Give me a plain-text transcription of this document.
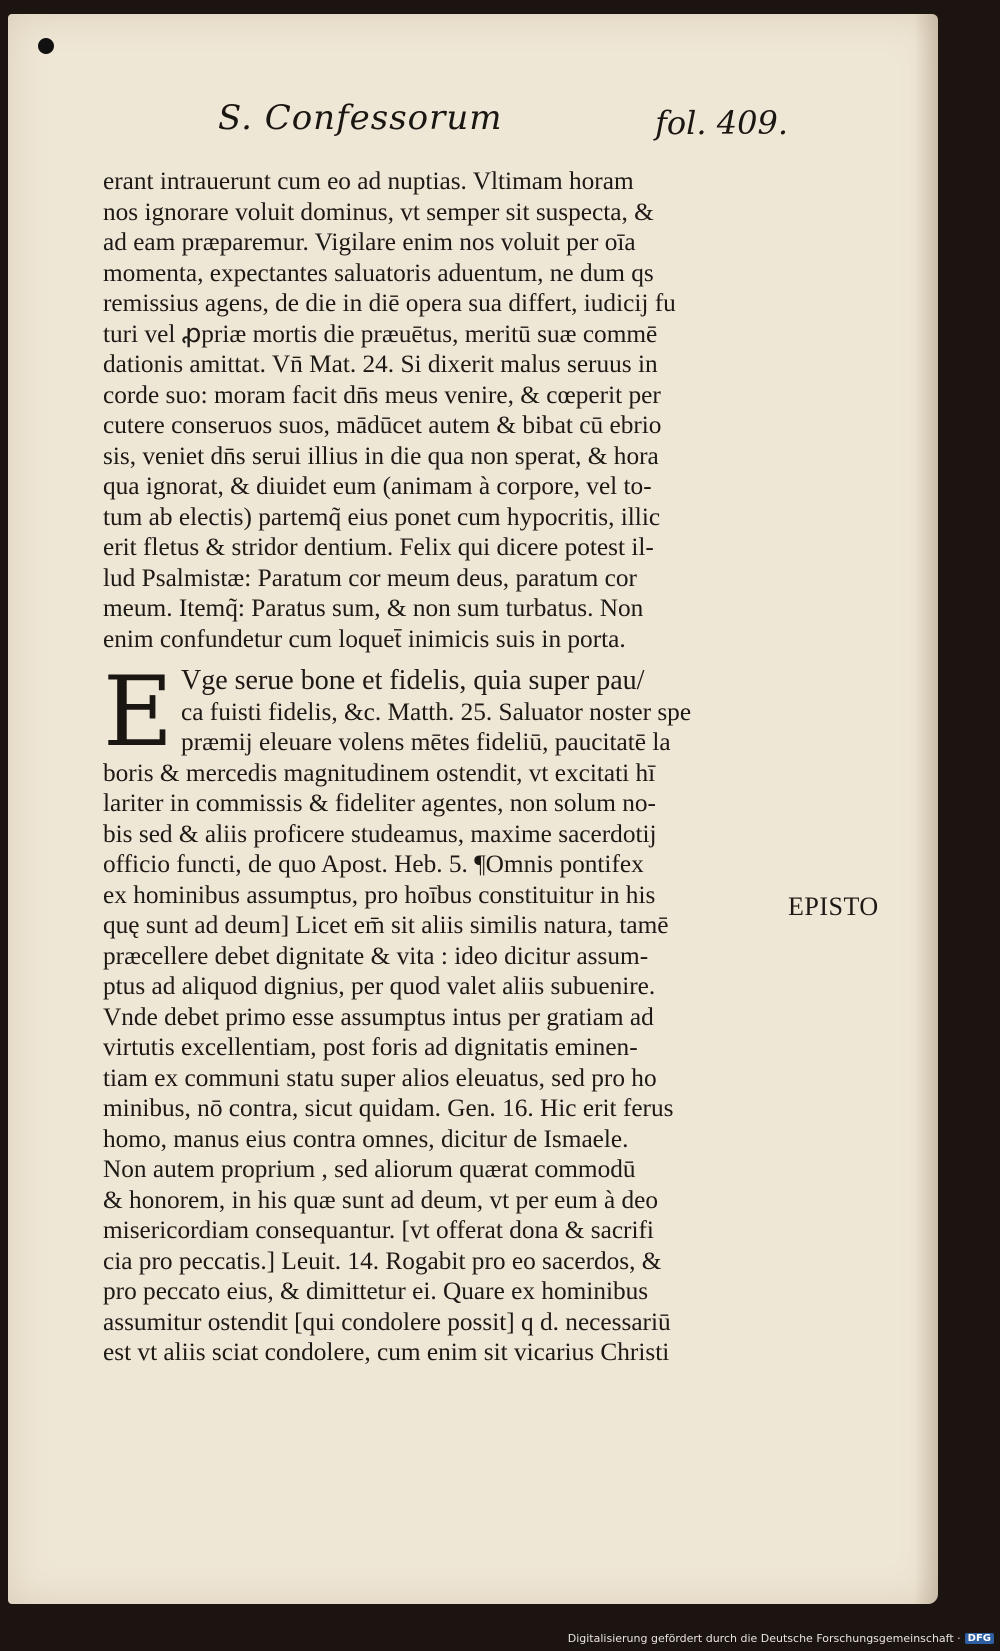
S. Confessorum	fol. 409.
erant intrauerunt cum eo ad nuptias. Vltimam horam
nos ignorare voluit dominus, vt semper sit suspecta, &
ad eam præparemur. Vigilare enim nos voluit per oīa
momenta, expectantes saluatoris aduentum, ne dum qs
remissius agens, de die in diē opera sua differt, iudicij fu
turi vel ꝓpriæ mortis die præuētus, meritū suæ commē
dationis amittat. Vn̄ Mat. 24. Si dixerit malus seruus in
corde suo: moram facit dn̄s meus venire, & cœperit per
cutere conseruos suos, mādūcet autem & bibat cū ebrio
sis, veniet dn̄s serui illius in die qua non sperat, & hora
qua ignorat, & diuidet eum (animam à corpore, vel to‐
tum ab electis) partemq̃ eius ponet cum hypocritis, illic
erit fletus & stridor dentium. Felix qui dicere potest il‐
lud Psalmistæ: Paratum cor meum deus, paratum cor
meum. Itemq̃: Paratus sum, & non sum turbatus. Non
enim confundetur cum loquet̄ inimicis suis in porta.
E Vge serue bone et fidelis, quia super pau/
ca fuisti fidelis, &c. Matth. 25. Saluator noster spe
præmij eleuare volens mētes fideliū, paucitatē la
boris & mercedis magnitudinem ostendit, vt excitati hī
lariter in commissis & fideliter agentes, non solum no‐
bis sed & aliis proficere studeamus, maxime sacerdotij
officio functi, de quo Apost. Heb. 5. ¶Omnis pontifex
ex hominibus assumptus, pro hoībus constituitur in his
quę sunt ad deum] Licet em̄ sit aliis similis natura, tamē
præcellere debet dignitate & vita : ideo dicitur assum‐
ptus ad aliquod dignius, per quod valet aliis subuenire.
Vnde debet primo esse assumptus intus per gratiam ad
virtutis excellentiam, post foris ad dignitatis eminen‐
tiam ex communi statu super alios eleuatus, sed pro ho
minibus, nō contra, sicut quidam. Gen. 16. Hic erit ferus
homo, manus eius contra omnes, dicitur de Ismaele.
Non autem proprium , sed aliorum quærat commodū
& honorem, in his quæ sunt ad deum, vt per eum à deo
misericordiam consequantur. [vt offerat dona & sacrifi
cia pro peccatis.] Leuit. 14. Rogabit pro eo sacerdos, &
pro peccato eius, & dimittetur ei. Quare ex hominibus
assumitur ostendit [qui condolere possit] q d. necessariū
est vt aliis sciat condolere, cum enim sit vicarius Christi
EPISTO
Digitalisierung gefördert durch die Deutsche Forschungsgemeinschaft · DFG
